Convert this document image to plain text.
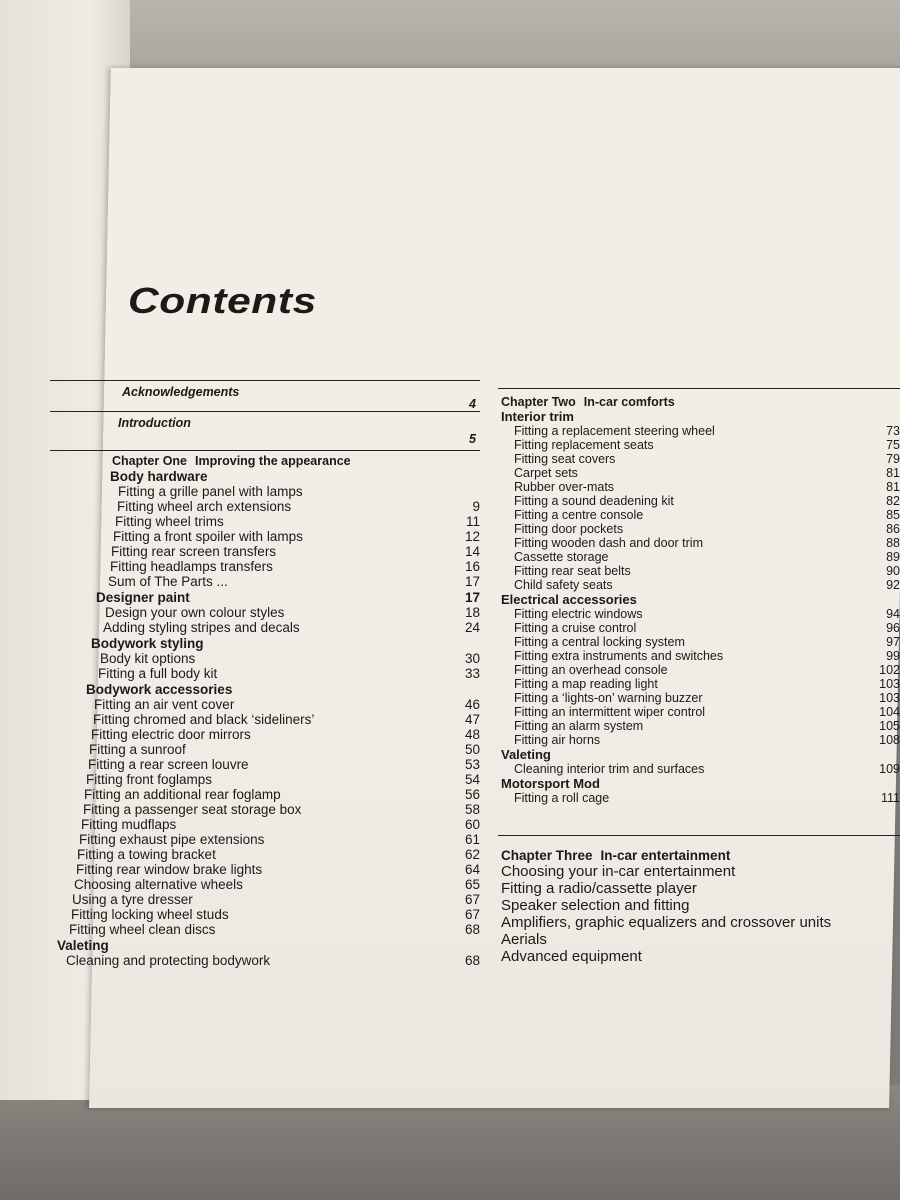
Contents
Acknowledgements
4
Introduction
5
Chapter One Improving the appearance
Body hardware
Fitting a grille panel with lamps
Fitting wheel arch extensions	9
Fitting wheel trims	11
Fitting a front spoiler with lamps	12
Fitting rear screen transfers	14
Fitting headlamps transfers	16
Sum of The Parts ...	17
Designer paint	17
Design your own colour styles	18
Adding styling stripes and decals	24
Bodywork styling
Body kit options	30
Fitting a full body kit	33
Bodywork accessories
Fitting an air vent cover	46
Fitting chromed and black ‘sideliners’	47
Fitting electric door mirrors	48
Fitting a sunroof	50
Fitting a rear screen louvre	53
Fitting front foglamps	54
Fitting an additional rear foglamp	56
Fitting a passenger seat storage box	58
Fitting mudflaps	60
Fitting exhaust pipe extensions	61
Fitting a towing bracket	62
Fitting rear window brake lights	64
Choosing alternative wheels	65
Using a tyre dresser	67
Fitting locking wheel studs	67
Fitting wheel clean discs	68
Valeting
Cleaning and protecting bodywork	68
Chapter Two In-car comforts
Interior trim
Fitting a replacement steering wheel	73
Fitting replacement seats	75
Fitting seat covers	79
Carpet sets	81
Rubber over-mats	81
Fitting a sound deadening kit	82
Fitting a centre console	85
Fitting door pockets	86
Fitting wooden dash and door trim	88
Cassette storage	89
Fitting rear seat belts	90
Child safety seats	92
Electrical accessories
Fitting electric windows	94
Fitting a cruise control	96
Fitting a central locking system	97
Fitting extra instruments and switches	99
Fitting an overhead console	102
Fitting a map reading light	103
Fitting a ‘lights-on’ warning buzzer	103
Fitting an intermittent wiper control	104
Fitting an alarm system	105
Fitting air horns	108
Valeting
Cleaning interior trim and surfaces	109
Motorsport Mod
Fitting a roll cage	111
Chapter Three In-car entertainment
Choosing your in-car entertainment
Fitting a radio/cassette player
Speaker selection and fitting
Amplifiers, graphic equalizers and crossover units
Aerials
Advanced equipment
